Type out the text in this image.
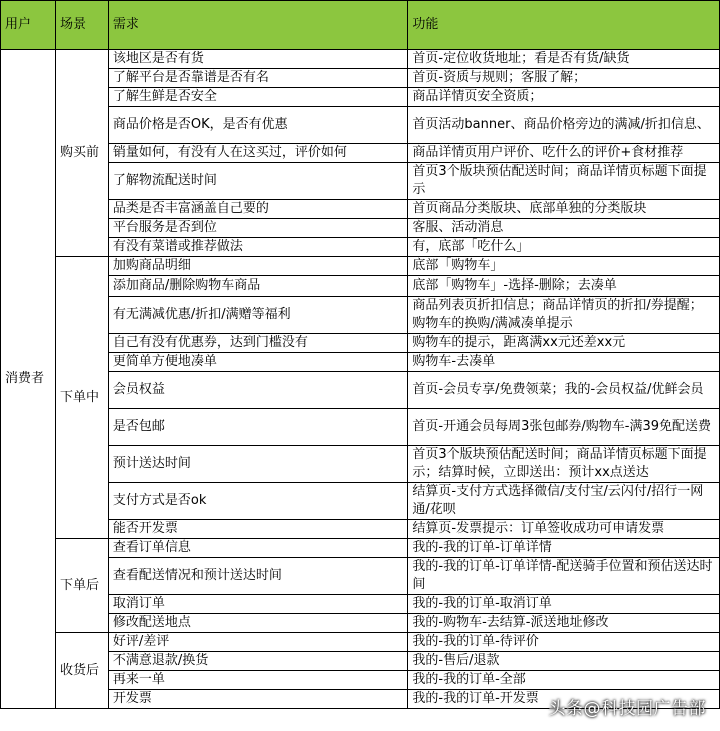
用户	场景	需求	功能
消费者	购买前	该地区是否有货	首页-定位收货地址；看是否有货/缺货
		了解平台是否靠谱是否有名	首页-资质与规则；客服了解；
		了解生鲜是否安全	商品详情页安全资质；
		商品价格是否OK，是否有优惠	首页活动banner、商品价格旁边的满减/折扣信息、
		销量如何，有没有人在这买过，评价如何	商品详情页用户评价、吃什么的评价+食材推荐
		了解物流配送时间	首页3个版块预估配送时间；商品详情页标题下面提示
		品类是否丰富涵盖自己要的	首页商品分类版块、底部单独的分类版块
		平台服务是否到位	客服、活动消息
		有没有菜谱或推荐做法	有，底部「吃什么」
	下单中	加购商品明细	底部「购物车」
		添加商品/删除购物车商品	底部「购物车」-选择-删除；去凑单
		有无满减优惠/折扣/满赠等福利	商品列表页折扣信息；商品详情页的折扣/券提醒；购物车的换购/满减凑单提示
		自己有没有优惠券，达到门槛没有	购物车的提示，距离满xx元还差xx元
		更简单方便地凑单	购物车-去凑单
		会员权益	首页-会员专享/免费领菜；我的-会员权益/优鲜会员
		是否包邮	首页-开通会员每周3张包邮券/购物车-满39免配送费
		预计送达时间	首页3个版块预估配送时间；商品详情页标题下面提示；结算时候，立即送出：预计xx点送达
		支付方式是否ok	结算页-支付方式选择微信/支付宝/云闪付/招行一网通/花呗
		能否开发票	结算页-发票提示：订单签收成功可申请发票
	下单后	查看订单信息	我的-我的订单-订单详情
		查看配送情况和预计送达时间	我的-我的订单-订单详情-配送骑手位置和预估送达时间
		取消订单	我的-我的订单-取消订单
		修改配送地点	我的-购物车-去结算-派送地址修改
	收货后	好评/差评	我的-我的订单-待评价
		不满意退款/换货	我的-售后/退款
		再来一单	我的-我的订单-全部
		开发票	我的-我的订单-开发票
头条@科技园广告部
